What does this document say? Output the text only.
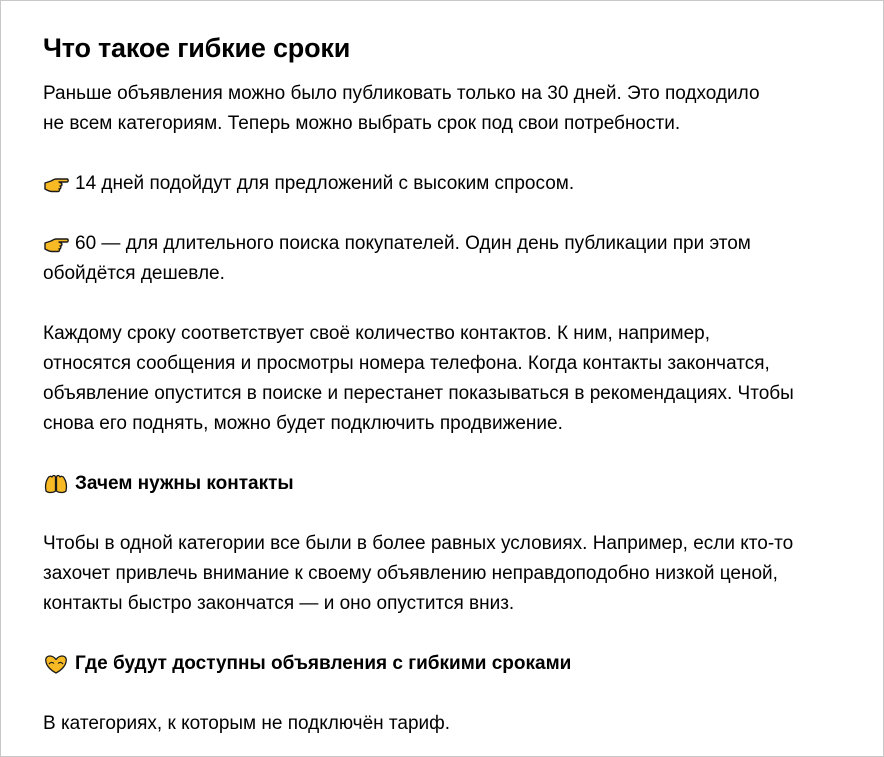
Что такое гибкие сроки

Раньше объявления можно было публиковать только на 30 дней. Это подходило
не всем категориям. Теперь можно выбрать срок под свои потребности.

14 дней подойдут для предложений с высоким спросом.

60 — для длительного поиска покупателей. Один день публикации при этом
обойдётся дешевле.

Каждому сроку соответствует своё количество контактов. К ним, например,
относятся сообщения и просмотры номера телефона. Когда контакты закончатся,
объявление опустится в поиске и перестанет показываться в рекомендациях. Чтобы
снова его поднять, можно будет подключить продвижение.

Зачем нужны контакты

Чтобы в одной категории все были в более равных условиях. Например, если кто-то
захочет привлечь внимание к своему объявлению неправдоподобно низкой ценой,
контакты быстро закончатся — и оно опустится вниз.

Где будут доступны объявления с гибкими сроками

В категориях, к которым не подключён тариф.
